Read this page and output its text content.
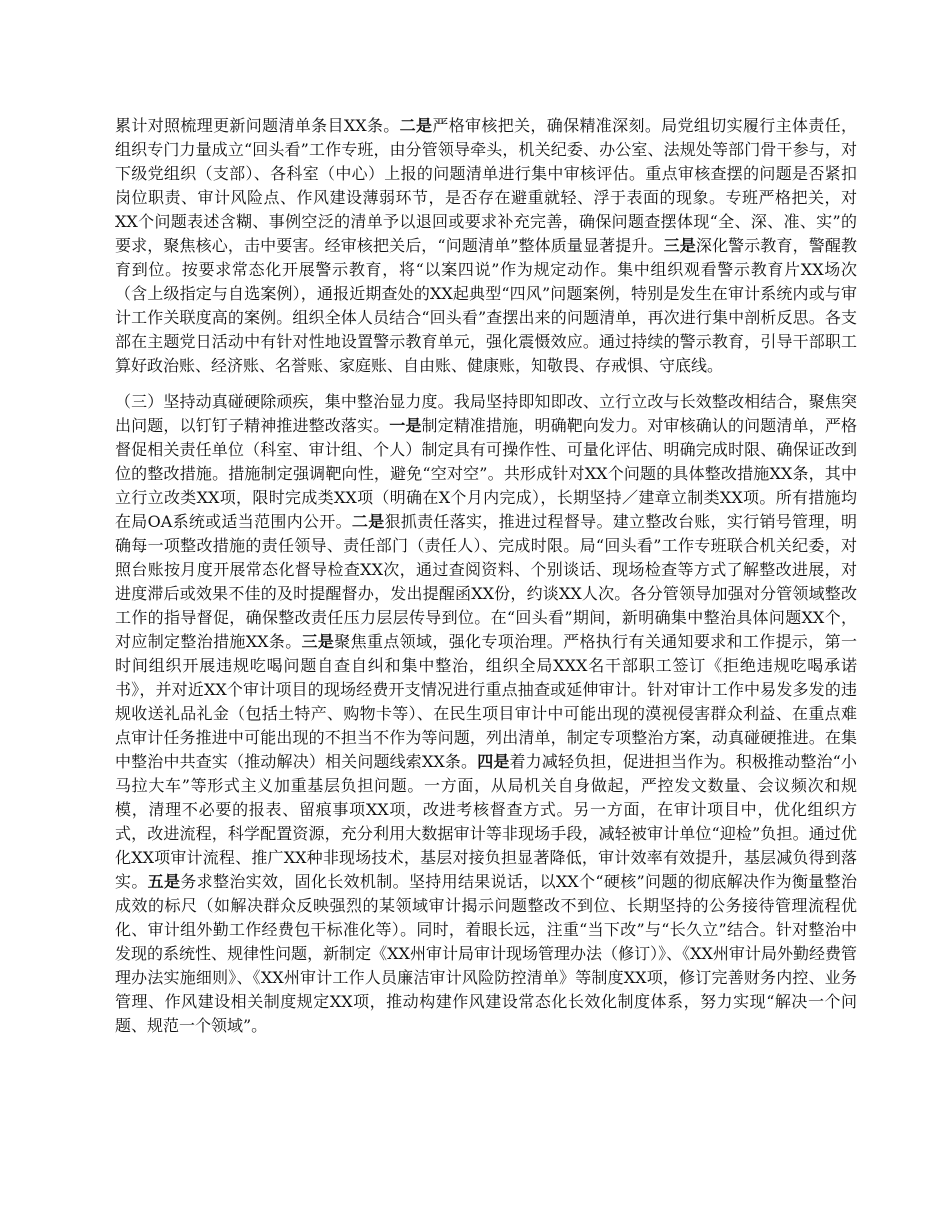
累计对照梳理更新问题清单条目XX条。二是严格审核把关，确保精准深刻。局党组切实履行主体责任，组织专门力量成立“回头看”工作专班，由分管领导牵头，机关纪委、办公室、法规处等部门骨干参与，对下级党组织（支部）、各科室（中心）上报的问题清单进行集中审核评估。重点审核查摆的问题是否紧扣岗位职责、审计风险点、作风建设薄弱环节，是否存在避重就轻、浮于表面的现象。专班严格把关，对XX个问题表述含糊、事例空泛的清单予以退回或要求补充完善，确保问题查摆体现“全、深、准、实”的要求，聚焦核心，击中要害。经审核把关后，“问题清单”整体质量显著提升。三是深化警示教育，警醒教育到位。按要求常态化开展警示教育，将“以案四说”作为规定动作。集中组织观看警示教育片XX场次（含上级指定与自选案例），通报近期查处的XX起典型“四风”问题案例，特别是发生在审计系统内或与审计工作关联度高的案例。组织全体人员结合“回头看”查摆出来的问题清单，再次进行集中剖析反思。各支部在主题党日活动中有针对性地设置警示教育单元，强化震慑效应。通过持续的警示教育，引导干部职工算好政治账、经济账、名誉账、家庭账、自由账、健康账，知敬畏、存戒惧、守底线。

（三）坚持动真碰硬除顽疾，集中整治显力度。我局坚持即知即改、立行立改与长效整改相结合，聚焦突出问题，以钉钉子精神推进整改落实。一是制定精准措施，明确靶向发力。对审核确认的问题清单，严格督促相关责任单位（科室、审计组、个人）制定具有可操作性、可量化评估、明确完成时限、确保证改到位的整改措施。措施制定强调靶向性，避免“空对空”。共形成针对XX个问题的具体整改措施XX条，其中立行立改类XX项，限时完成类XX项（明确在X个月内完成），长期坚持／建章立制类XX项。所有措施均在局OA系统或适当范围内公开。二是狠抓责任落实，推进过程督导。建立整改台账，实行销号管理，明确每一项整改措施的责任领导、责任部门（责任人）、完成时限。局“回头看”工作专班联合机关纪委，对照台账按月度开展常态化督导检查XX次，通过查阅资料、个别谈话、现场检查等方式了解整改进展，对进度滞后或效果不佳的及时提醒督办，发出提醒函XX份，约谈XX人次。各分管领导加强对分管领域整改工作的指导督促，确保整改责任压力层层传导到位。在“回头看”期间，新明确集中整治具体问题XX个，对应制定整治措施XX条。三是聚焦重点领域，强化专项治理。严格执行有关通知要求和工作提示，第一时间组织开展违规吃喝问题自查自纠和集中整治，组织全局XXX名干部职工签订《拒绝违规吃喝承诺书》，并对近XX个审计项目的现场经费开支情况进行重点抽查或延伸审计。针对审计工作中易发多发的违规收送礼品礼金（包括土特产、购物卡等）、在民生项目审计中可能出现的漠视侵害群众利益、在重点难点审计任务推进中可能出现的不担当不作为等问题，列出清单，制定专项整治方案，动真碰硬推进。在集中整治中共查实（推动解决）相关问题线索XX条。四是着力减轻负担，促进担当作为。积极推动整治“小马拉大车”等形式主义加重基层负担问题。一方面，从局机关自身做起，严控发文数量、会议频次和规模，清理不必要的报表、留痕事项XX项，改进考核督查方式。另一方面，在审计项目中，优化组织方式，改进流程，科学配置资源，充分利用大数据审计等非现场手段，减轻被审计单位“迎检”负担。通过优化XX项审计流程、推广XX种非现场技术，基层对接负担显著降低，审计效率有效提升，基层减负得到落实。五是务求整治实效，固化长效机制。坚持用结果说话，以XX个“硬核”问题的彻底解决作为衡量整治成效的标尺（如解决群众反映强烈的某领域审计揭示问题整改不到位、长期坚持的公务接待管理流程优化、审计组外勤工作经费包干标准化等）。同时，着眼长远，注重“当下改”与“长久立”结合。针对整治中发现的系统性、规律性问题，新制定《XX州审计局审计现场管理办法（修订）》、《XX州审计局外勤经费管理办法实施细则》、《XX州审计工作人员廉洁审计风险防控清单》等制度XX项，修订完善财务内控、业务管理、作风建设相关制度规定XX项，推动构建作风建设常态化长效化制度体系，努力实现“解决一个问题、规范一个领域”。
